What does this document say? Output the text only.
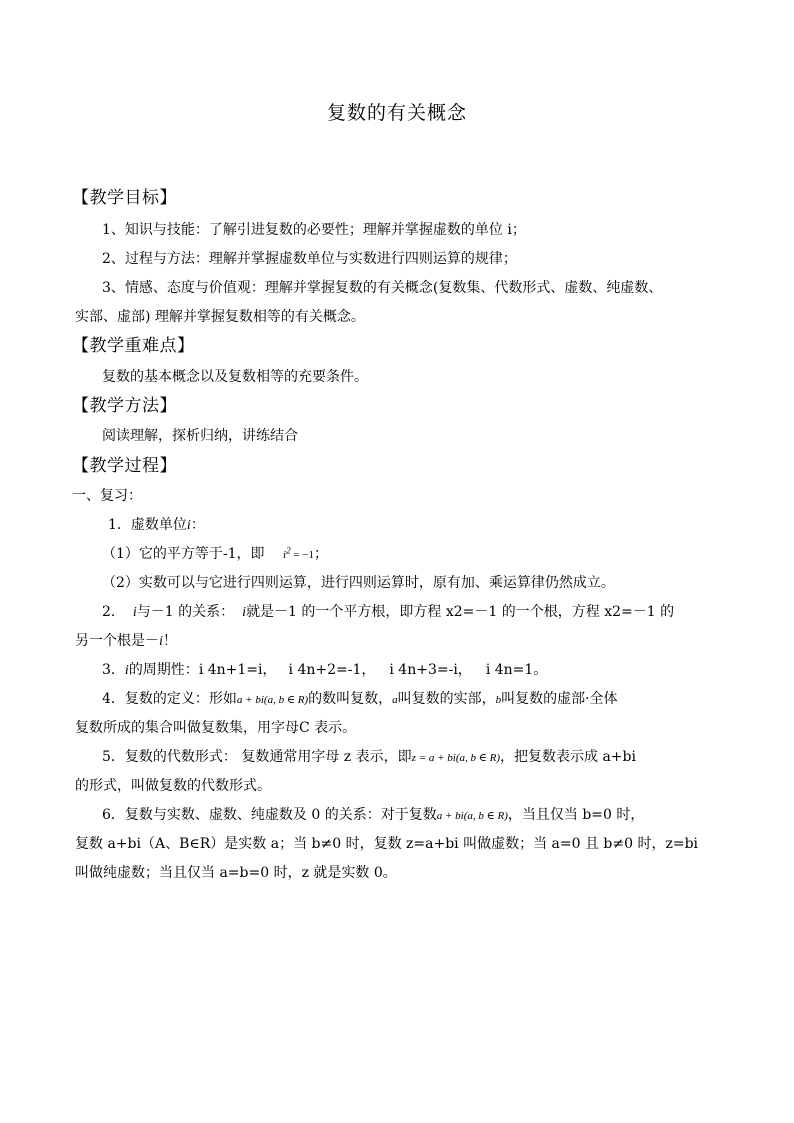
复数的有关概念
【教学目标】
1、知识与技能：了解引进复数的必要性；理解并掌握虚数的单位 i；
2、过程与方法：理解并掌握虚数单位与实数进行四则运算的规律；
3、情感、态度与价值观：理解并掌握复数的有关概念(复数集、代数形式、虚数、纯虚数、
实部、虚部) 理解并掌握复数相等的有关概念。
【教学重难点】
复数的基本概念以及复数相等的充要条件。
【教学方法】
阅读理解，探析归纳，讲练结合
【教学过程】
一、复习：
1．虚数单位i：
（1）它的平方等于-1，即 $i^2 = -1$；
（2）实数可以与它进行四则运算，进行四则运算时，原有加、乘运算律仍然成立。
2． i与－1 的关系： i就是－1 的一个平方根，即方程 x2=－1 的一个根，方程 x2=－1 的
另一个根是－i！
3．i的周期性：i 4n+1=i， i 4n+2=-1， i 4n+3=-i， i 4n=1。
4．复数的定义：形如a + bi(a, b ∈ R)的数叫复数，a叫复数的实部，b叫复数的虚部·全体
复数所成的集合叫做复数集，用字母C 表示。
5．复数的代数形式： 复数通常用字母 z 表示，即z = a + bi(a, b ∈ R)，把复数表示成 a+bi
的形式，叫做复数的代数形式。
6．复数与实数、虚数、纯虚数及 0 的关系：对于复数a + bi(a, b ∈ R)，当且仅当 b=0 时，
复数 a+bi（A、B∈R）是实数 a；当 b≠0 时，复数 z=a+bi 叫做虚数；当 a=0 且 b≠0 时，z=bi
叫做纯虚数；当且仅当 a=b=0 时，z 就是实数 0。
